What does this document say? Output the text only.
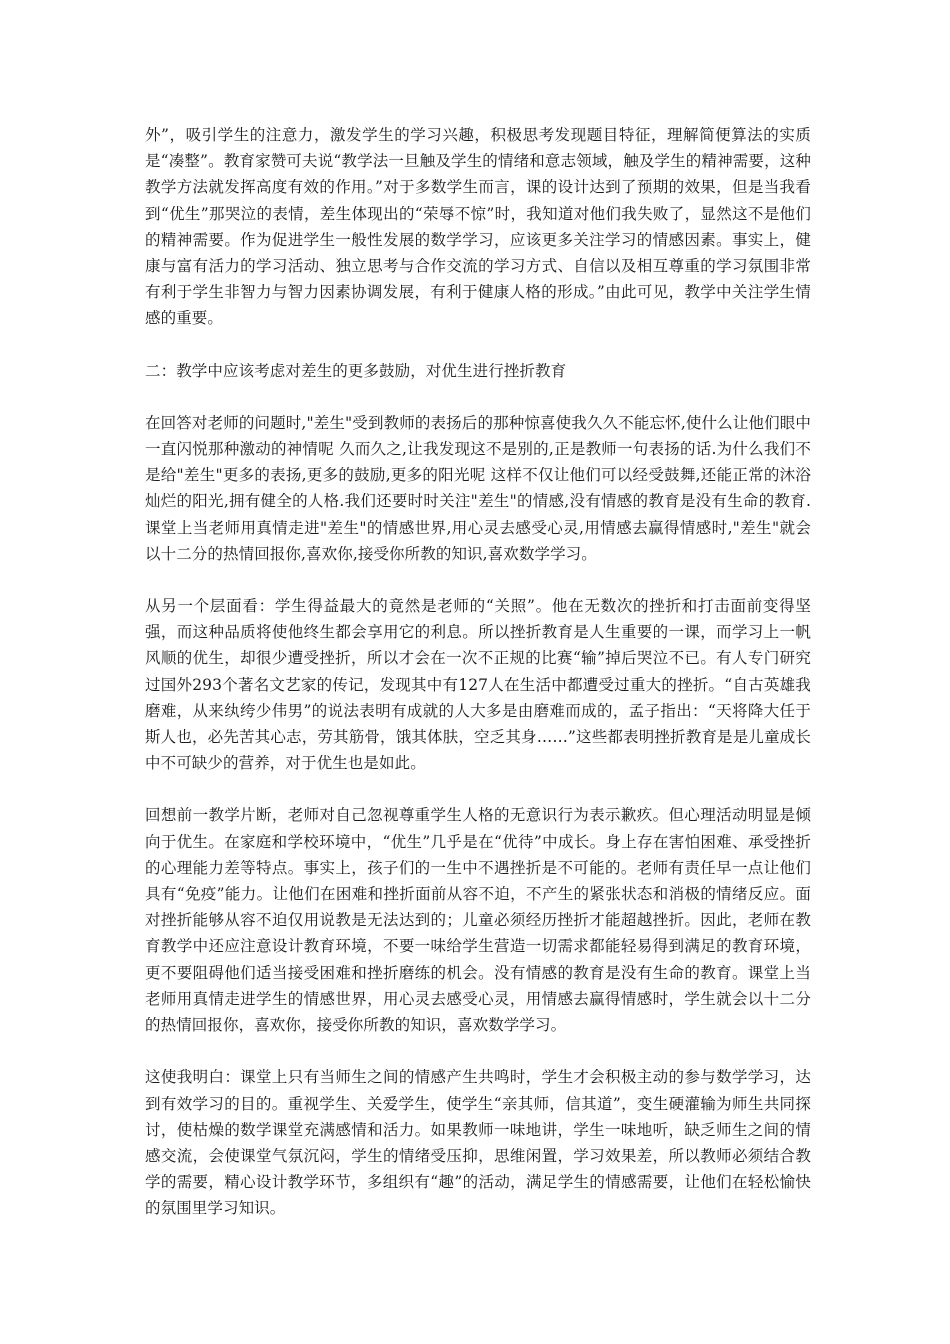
外”，吸引学生的注意力，激发学生的学习兴趣，积极思考发现题目特征，理解简便算法的实质是“凑整”。教育家赞可夫说“教学法一旦触及学生的情绪和意志领域，触及学生的精神需要，这种教学方法就发挥高度有效的作用。”对于多数学生而言，课的设计达到了预期的效果，但是当我看到“优生”那哭泣的表情，差生体现出的“荣辱不惊”时，我知道对他们我失败了，显然这不是他们的精神需要。作为促进学生一般性发展的数学学习，应该更多关注学习的情感因素。事实上，健康与富有活力的学习活动、独立思考与合作交流的学习方式、自信以及相互尊重的学习氛围非常有利于学生非智力与智力因素协调发展，有利于健康人格的形成。”由此可见，教学中关注学生情感的重要。

二：教学中应该考虑对差生的更多鼓励，对优生进行挫折教育

在回答对老师的问题时,"差生"受到教师的表扬后的那种惊喜使我久久不能忘怀,使什么让他们眼中一直闪悦那种激动的神情呢 久而久之,让我发现这不是别的,正是教师一句表扬的话.为什么我们不是给"差生"更多的表扬,更多的鼓励,更多的阳光呢 这样不仅让他们可以经受鼓舞,还能正常的沐浴灿烂的阳光,拥有健全的人格.我们还要时时关注"差生"的情感,没有情感的教育是没有生命的教育.课堂上当老师用真情走进"差生"的情感世界,用心灵去感受心灵,用情感去赢得情感时,"差生"就会以十二分的热情回报你,喜欢你,接受你所教的知识,喜欢数学学习。

从另一个层面看：学生得益最大的竟然是老师的“关照”。他在无数次的挫折和打击面前变得坚强，而这种品质将使他终生都会享用它的利息。所以挫折教育是人生重要的一课，而学习上一帆风顺的优生，却很少遭受挫折，所以才会在一次不正规的比赛“输”掉后哭泣不已。有人专门研究过国外293个著名文艺家的传记，发现其中有127人在生活中都遭受过重大的挫折。“自古英雄我磨难，从来纨绔少伟男”的说法表明有成就的人大多是由磨难而成的，孟子指出：“天将降大任于斯人也，必先苦其心志，劳其筋骨，饿其体肤，空乏其身……”这些都表明挫折教育是是儿童成长中不可缺少的营养，对于优生也是如此。

回想前一教学片断，老师对自己忽视尊重学生人格的无意识行为表示歉疚。但心理活动明显是倾向于优生。在家庭和学校环境中，“优生”几乎是在“优待”中成长。身上存在害怕困难、承受挫折的心理能力差等特点。事实上，孩子们的一生中不遇挫折是不可能的。老师有责任早一点让他们具有“免疫”能力。让他们在困难和挫折面前从容不迫，不产生的紧张状态和消极的情绪反应。面对挫折能够从容不迫仅用说教是无法达到的；儿童必须经历挫折才能超越挫折。因此，老师在教育教学中还应注意设计教育环境，不要一味给学生营造一切需求都能轻易得到满足的教育环境，更不要阻碍他们适当接受困难和挫折磨练的机会。没有情感的教育是没有生命的教育。课堂上当老师用真情走进学生的情感世界，用心灵去感受心灵，用情感去赢得情感时，学生就会以十二分的热情回报你，喜欢你，接受你所教的知识，喜欢数学学习。

这使我明白：课堂上只有当师生之间的情感产生共鸣时，学生才会积极主动的参与数学学习，达到有效学习的目的。重视学生、关爱学生，使学生“亲其师，信其道”，变生硬灌输为师生共同探讨，使枯燥的数学课堂充满感情和活力。如果教师一味地讲，学生一味地听，缺乏师生之间的情感交流，会使课堂气氛沉闷，学生的情绪受压抑，思维闲置，学习效果差，所以教师必须结合教学的需要，精心设计教学环节，多组织有“趣”的活动，满足学生的情感需要，让他们在轻松愉快的氛围里学习知识。
